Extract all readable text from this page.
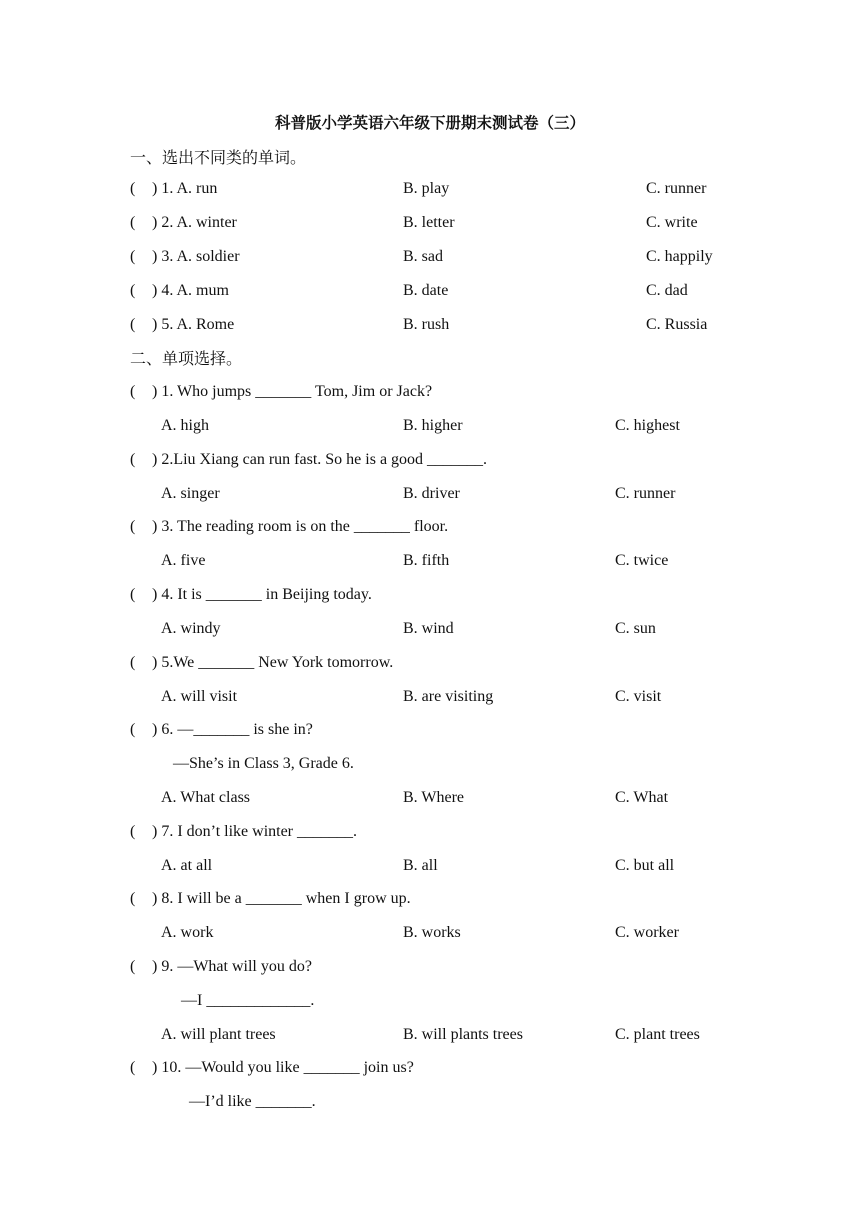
科普版小学英语六年级下册期末测试卷（三）
一、选出不同类的单词。
( ) 1. A. run	B. play	C. runner
( ) 2. A. winter	B. letter	C. write
( ) 3. A. soldier	B. sad	C. happily
( ) 4. A. mum	B. date	C. dad
( ) 5. A. Rome	B. rush	C. Russia
二、单项选择。
( ) 1. Who jumps _______ Tom, Jim or Jack?
A. high	B. higher	C. highest
( ) 2.Liu Xiang can run fast. So he is a good _______.
A. singer	B. driver	C. runner
( ) 3. The reading room is on the _______ floor.
A. five	B. fifth	C. twice
( ) 4. It is _______ in Beijing today.
A. windy	B. wind	C. sun
( ) 5.We _______ New York tomorrow.
A. will visit	B. are visiting	C. visit
( ) 6. —_______ is she in?
—She’s in Class 3, Grade 6.
A. What class	B. Where	C. What
( ) 7. I don’t like winter _______.
A. at all	B. all	C. but all
( ) 8. I will be a _______ when I grow up.
A. work	B. works	C. worker
( ) 9. —What will you do?
—I _____________.
A. will plant trees	B. will plants trees	C. plant trees
( ) 10. —Would you like _______ join us?
—I’d like _______.
